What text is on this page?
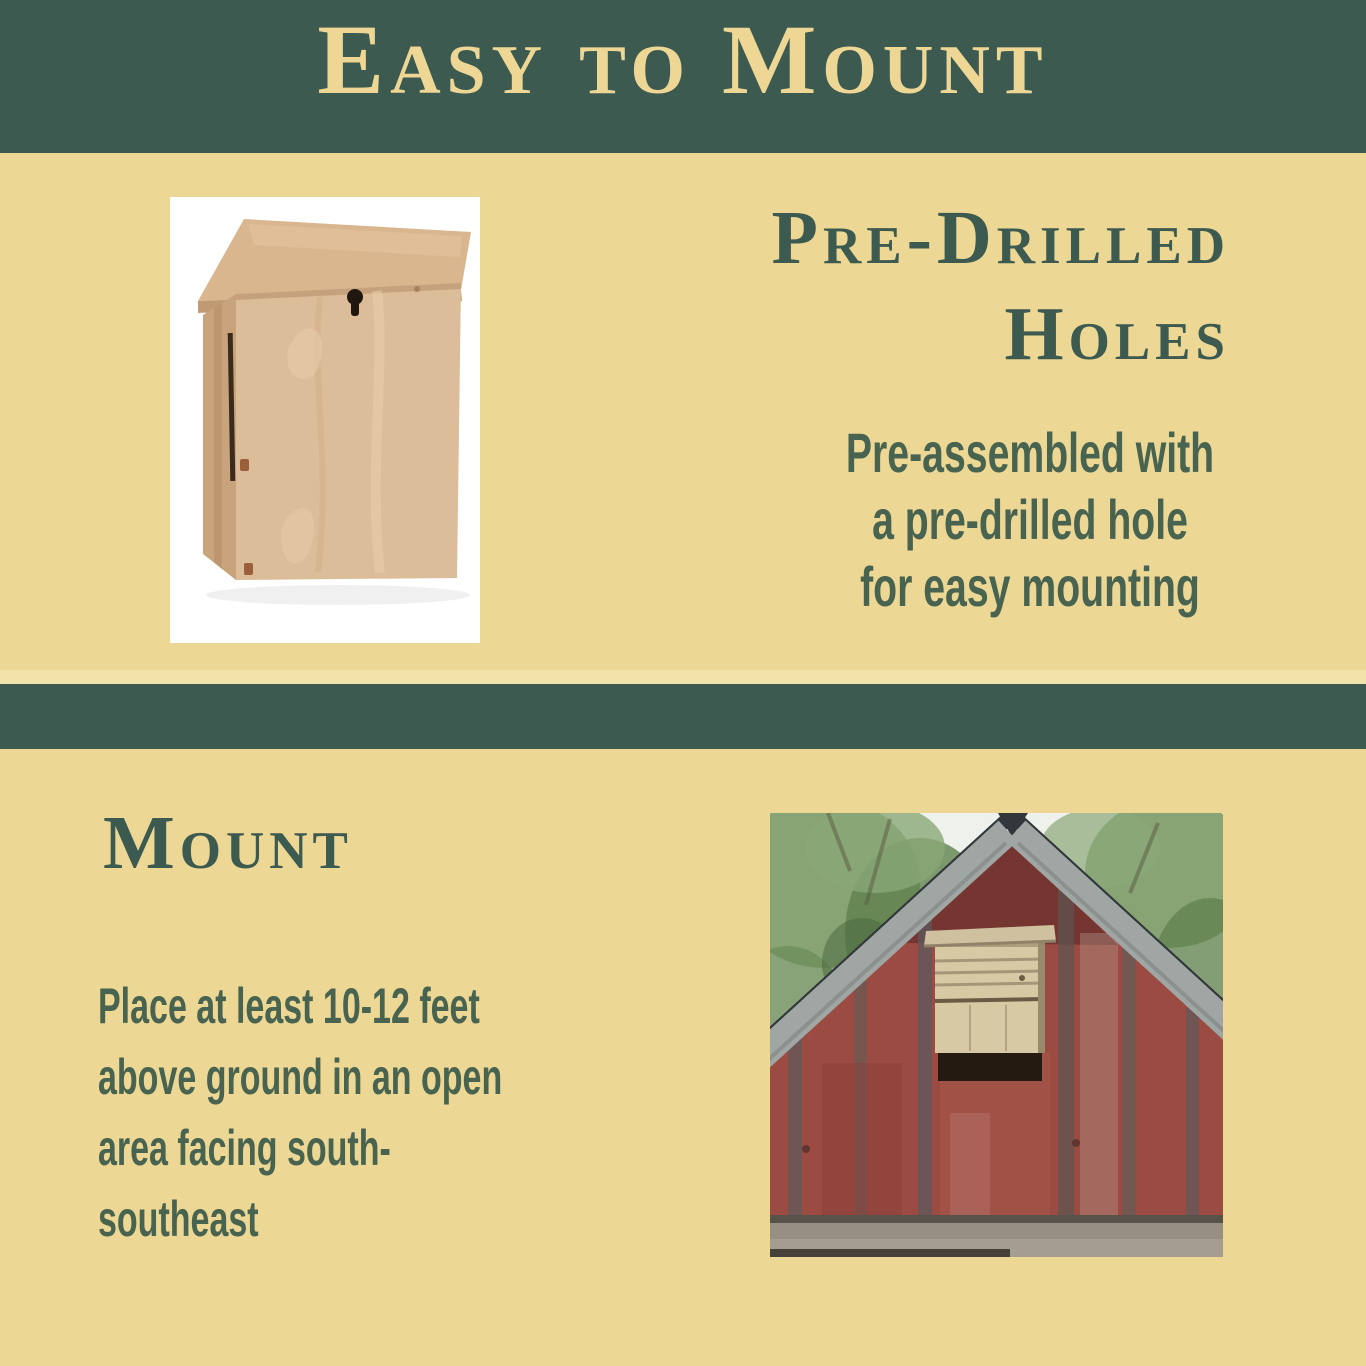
Easy to Mount
Pre-Drilled
Holes

Pre-assembled with
a pre-drilled hole
for easy mounting

Mount

Place at least 10-12 feet
above ground in an open
area facing south-southeast
